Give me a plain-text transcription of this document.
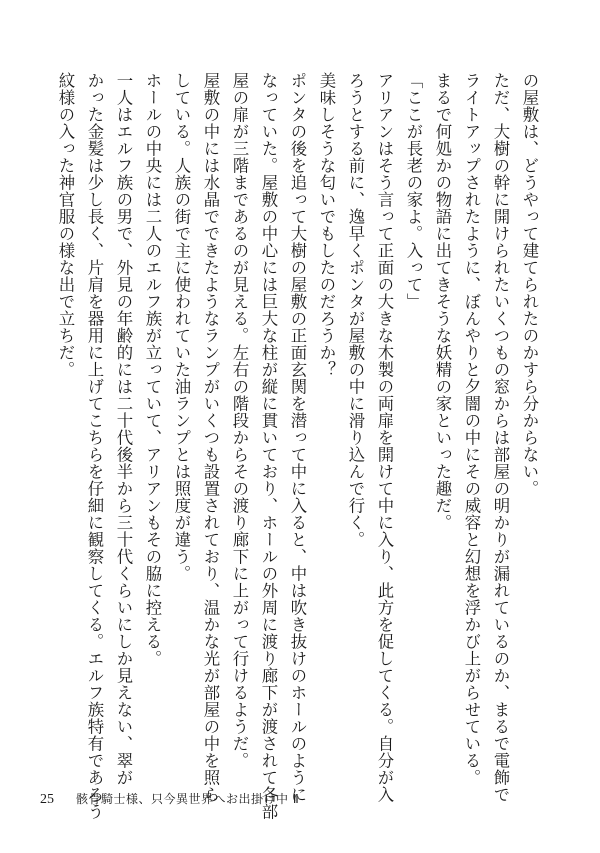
の屋敷は、どうやって建てられたのかすら分からない。
ただ、大樹の幹に開けられたいくつもの窓からは部屋の明かりが漏れているのか、まるで電飾で
ライトアップされたように、ぼんやりと夕闇の中にその威容と幻想を浮かび上がらせている。
まるで何処かの物語に出てきそうな妖精の家といった趣だ。
「ここが長老の家よ。入って」
アリアンはそう言って正面の大きな木製の両扉を開けて中に入り、此方を促してくる。自分が入
ろうとする前に、逸早くポンタが屋敷の中に滑り込んで行く。
美味しそうな匂いでもしたのだろうか？
ポンタの後を追って大樹の屋敷の正面玄関を潜って中に入ると、中は吹き抜けのホールのように
なっていた。屋敷の中心には巨大な柱が縦に貫いており、ホールの外周に渡り廊下が渡されて各部
屋の扉が三階まであるのが見える。左右の階段からその渡り廊下に上がって行けるようだ。
屋敷の中には水晶でできたようなランプがいくつも設置されており、温かな光が部屋の中を照ら
している。人族の街で主に使われていた油ランプとは照度が違う。
ホールの中央には二人のエルフ族が立っていて、アリアンもその脇に控える。
一人はエルフ族の男で、外見の年齢的には二十代後半から三十代くらいにしか見えない、翠が
かった金髪は少し長く、片肩を器用に上げてこちらを仔細に観察してくる。エルフ族特有であろう
紋様の入った神官服の様な出で立ちだ。
25 骸骨騎士様、只今異世界へお出掛け中 Ⅱ
